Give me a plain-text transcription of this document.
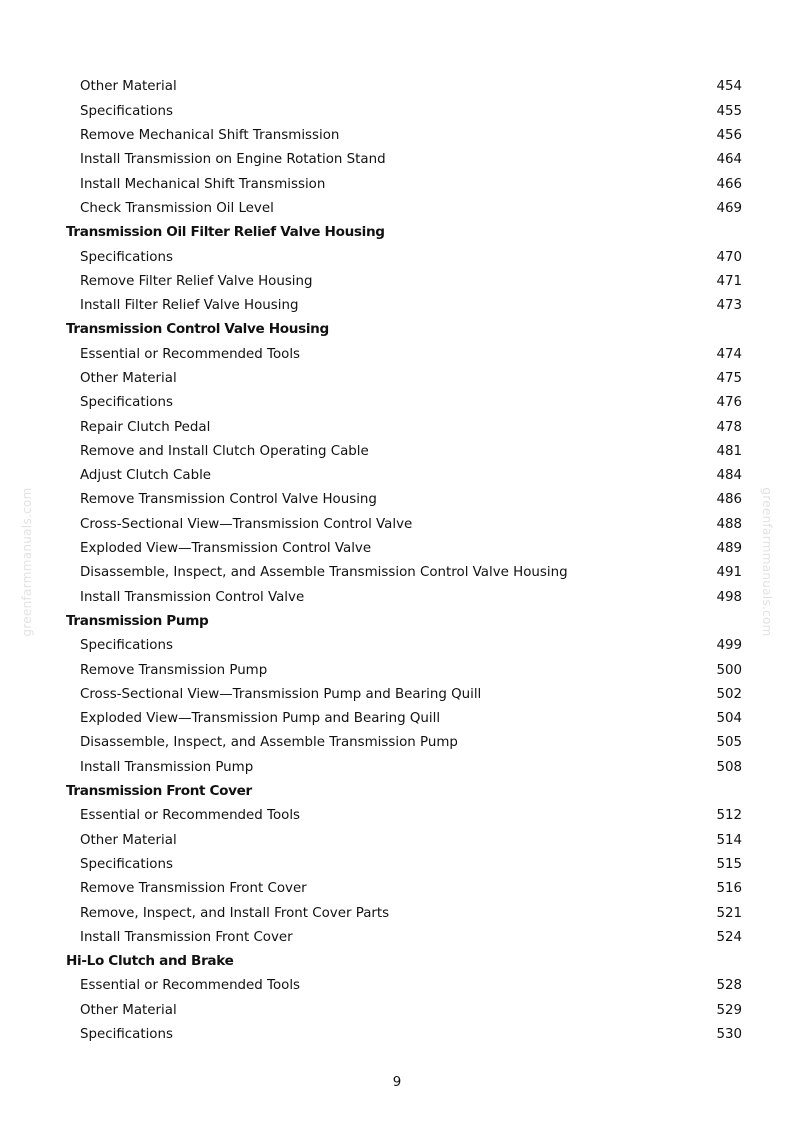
greenfarmmanuals.com	greenfarmmanuals.com
Other Material	454
Specifications	455
Remove Mechanical Shift Transmission	456
Install Transmission on Engine Rotation Stand	464
Install Mechanical Shift Transmission	466
Check Transmission Oil Level	469
Transmission Oil Filter Relief Valve Housing
Specifications	470
Remove Filter Relief Valve Housing	471
Install Filter Relief Valve Housing	473
Transmission Control Valve Housing
Essential or Recommended Tools	474
Other Material	475
Specifications	476
Repair Clutch Pedal	478
Remove and Install Clutch Operating Cable	481
Adjust Clutch Cable	484
Remove Transmission Control Valve Housing	486
Cross-Sectional View—Transmission Control Valve	488
Exploded View—Transmission Control Valve	489
Disassemble, Inspect, and Assemble Transmission Control Valve Housing	491
Install Transmission Control Valve	498
Transmission Pump
Specifications	499
Remove Transmission Pump	500
Cross-Sectional View—Transmission Pump and Bearing Quill	502
Exploded View—Transmission Pump and Bearing Quill	504
Disassemble, Inspect, and Assemble Transmission Pump	505
Install Transmission Pump	508
Transmission Front Cover
Essential or Recommended Tools	512
Other Material	514
Specifications	515
Remove Transmission Front Cover	516
Remove, Inspect, and Install Front Cover Parts	521
Install Transmission Front Cover	524
Hi-Lo Clutch and Brake
Essential or Recommended Tools	528
Other Material	529
Specifications	530
9
